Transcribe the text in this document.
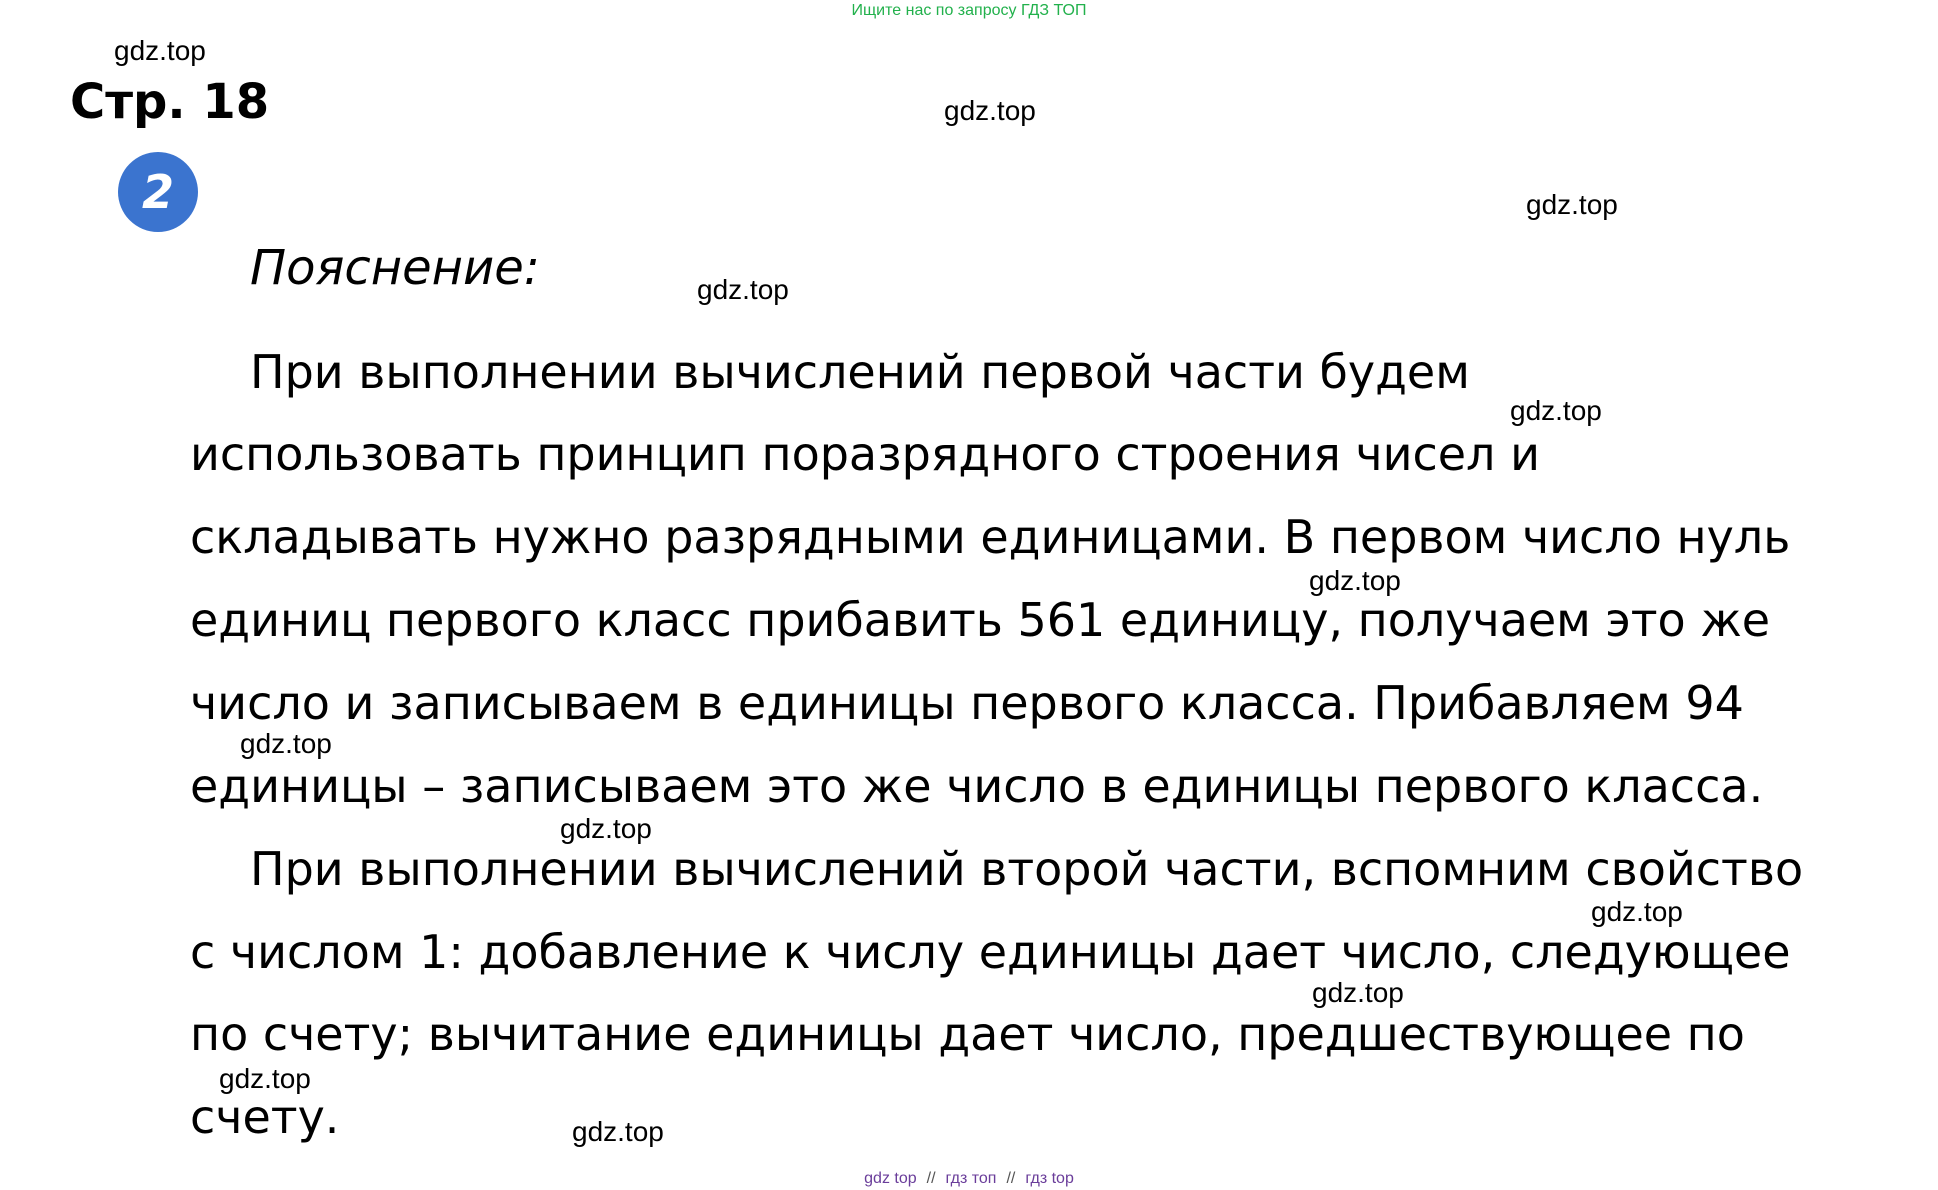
Ищите нас по запросу ГДЗ ТОП
Стр. 18
2
Пояснение:
При выполнении вычислений первой части будем
использовать принцип поразрядного строения чисел и
складывать нужно разрядными единицами. В первом число нуль
единиц первого класс прибавить 561 единицу, получаем это же
число и записываем в единицы первого класса. Прибавляем 94
единицы – записываем это же число в единицы первого класса.
При выполнении вычислений второй части, вспомним свойство
с числом 1: добавление к числу единицы дает число, следующее
по счету; вычитание единицы дает число, предшествующее по
счету.
gdz.top
gdz.top
gdz.top
gdz.top
gdz.top
gdz.top
gdz.top
gdz.top
gdz.top
gdz.top
gdz.top
gdz.top
gdz top // гдз топ // гдз top
